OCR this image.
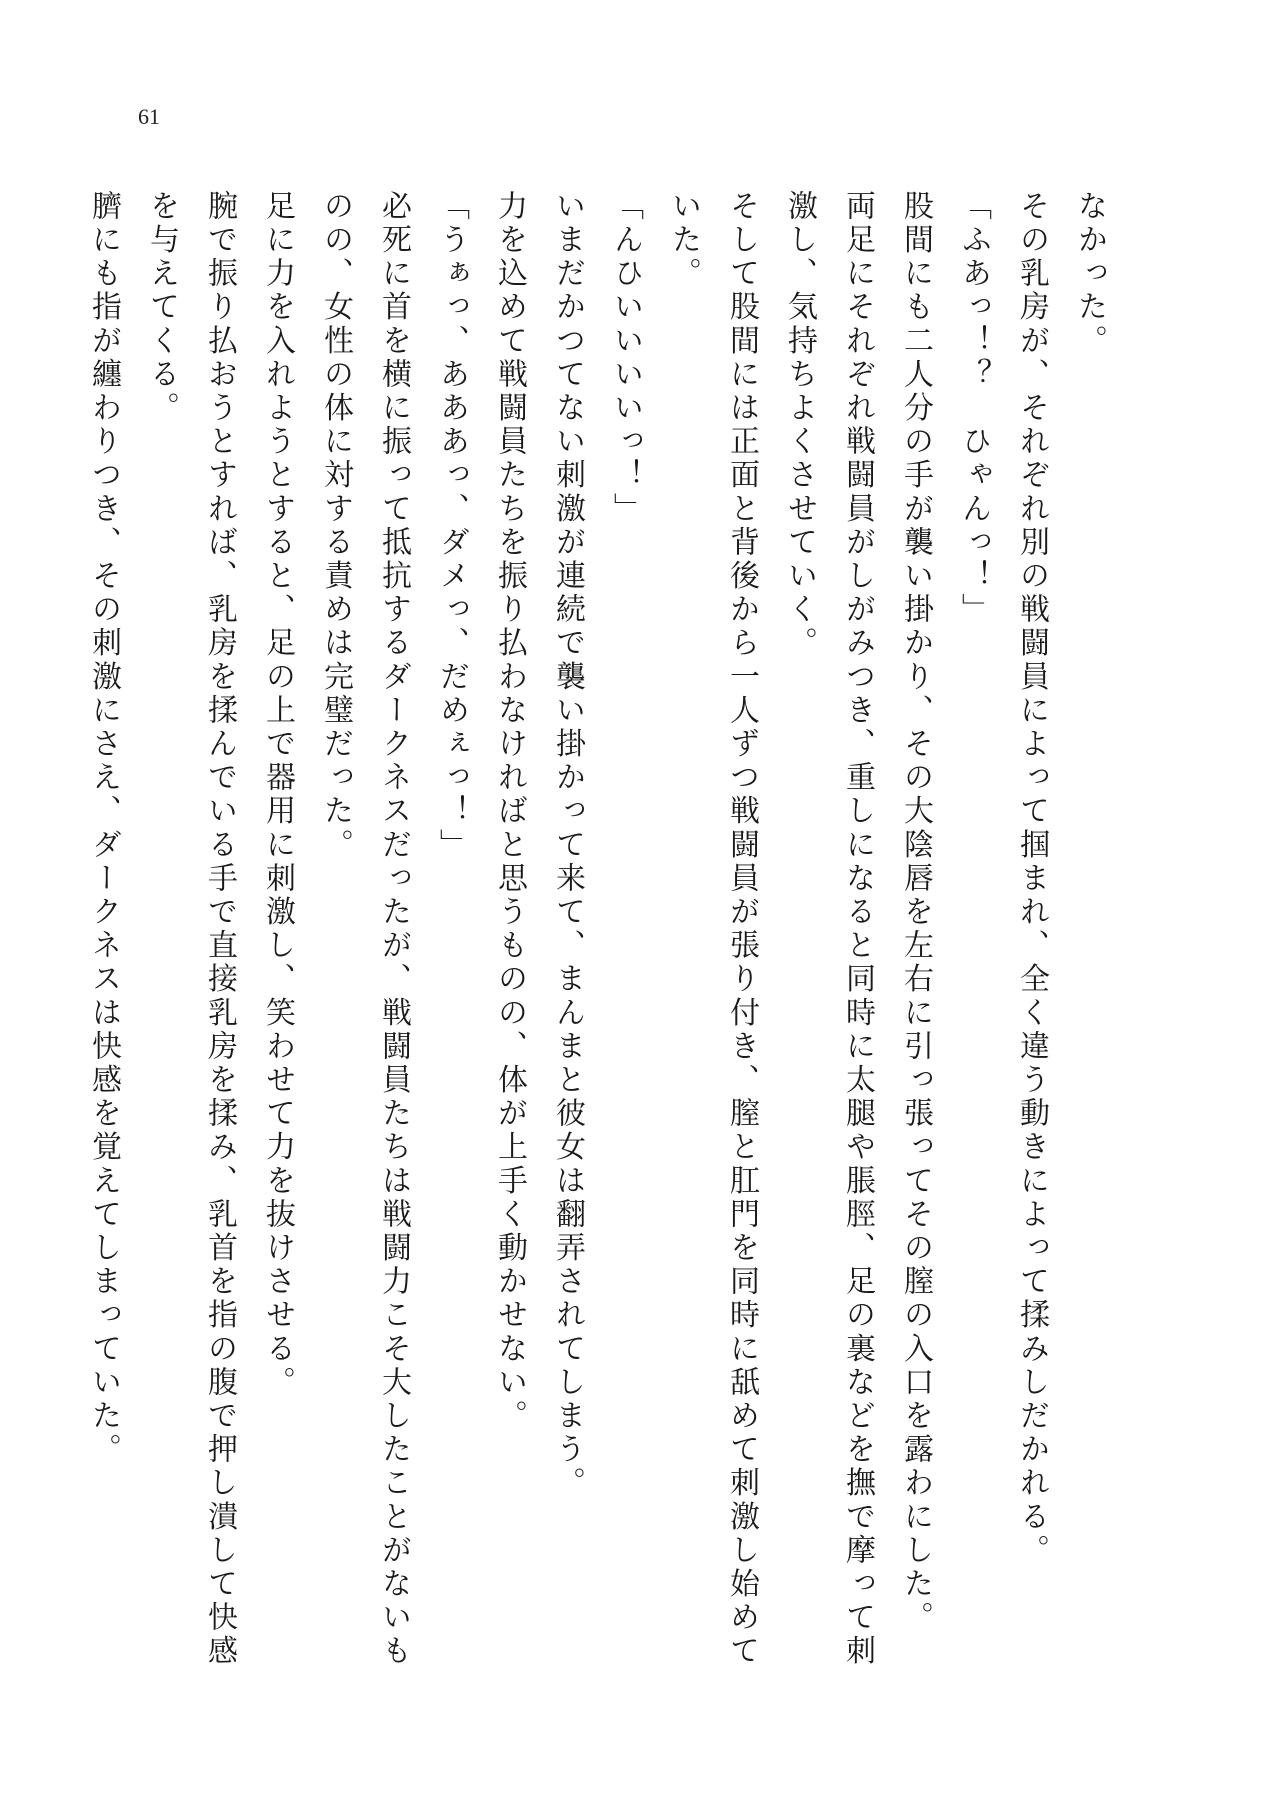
61

なかった。

その乳房が、それぞれ別の戦闘員によって掴まれ、全く違う動きによって揉みしだかれる。

「ふあっ！？　ひゃんっ！」

股間にも二人分の手が襲い掛かり、その大陰唇を左右に引っ張ってその膣の入口を露わにした。

両足にそれぞれ戦闘員がしがみつき、重しになると同時に太腿や脹脛、足の裏などを撫で摩って刺激し、気持ちよくさせていく。

そして股間には正面と背後から一人ずつ戦闘員が張り付き、膣と肛門を同時に舐めて刺激し始めていた。

「んひいいいいっ！」

いまだかつてない刺激が連続で襲い掛かって来て、まんまと彼女は翻弄されてしまう。

力を込めて戦闘員たちを振り払わなければと思うものの、体が上手く動かせない。

「うぁっ、あああっ、ダメっ、だめぇっ！」

必死に首を横に振って抵抗するダークネスだったが、戦闘員たちは戦闘力こそ大したことがないものの、女性の体に対する責めは完璧だった。

足に力を入れようとすると、足の上で器用に刺激し、笑わせて力を抜けさせる。

腕で振り払おうとすれば、乳房を揉んでいる手で直接乳房を揉み、乳首を指の腹で押し潰して快感を与えてくる。

臍にも指が纏わりつき、その刺激にさえ、ダークネスは快感を覚えてしまっていた。
